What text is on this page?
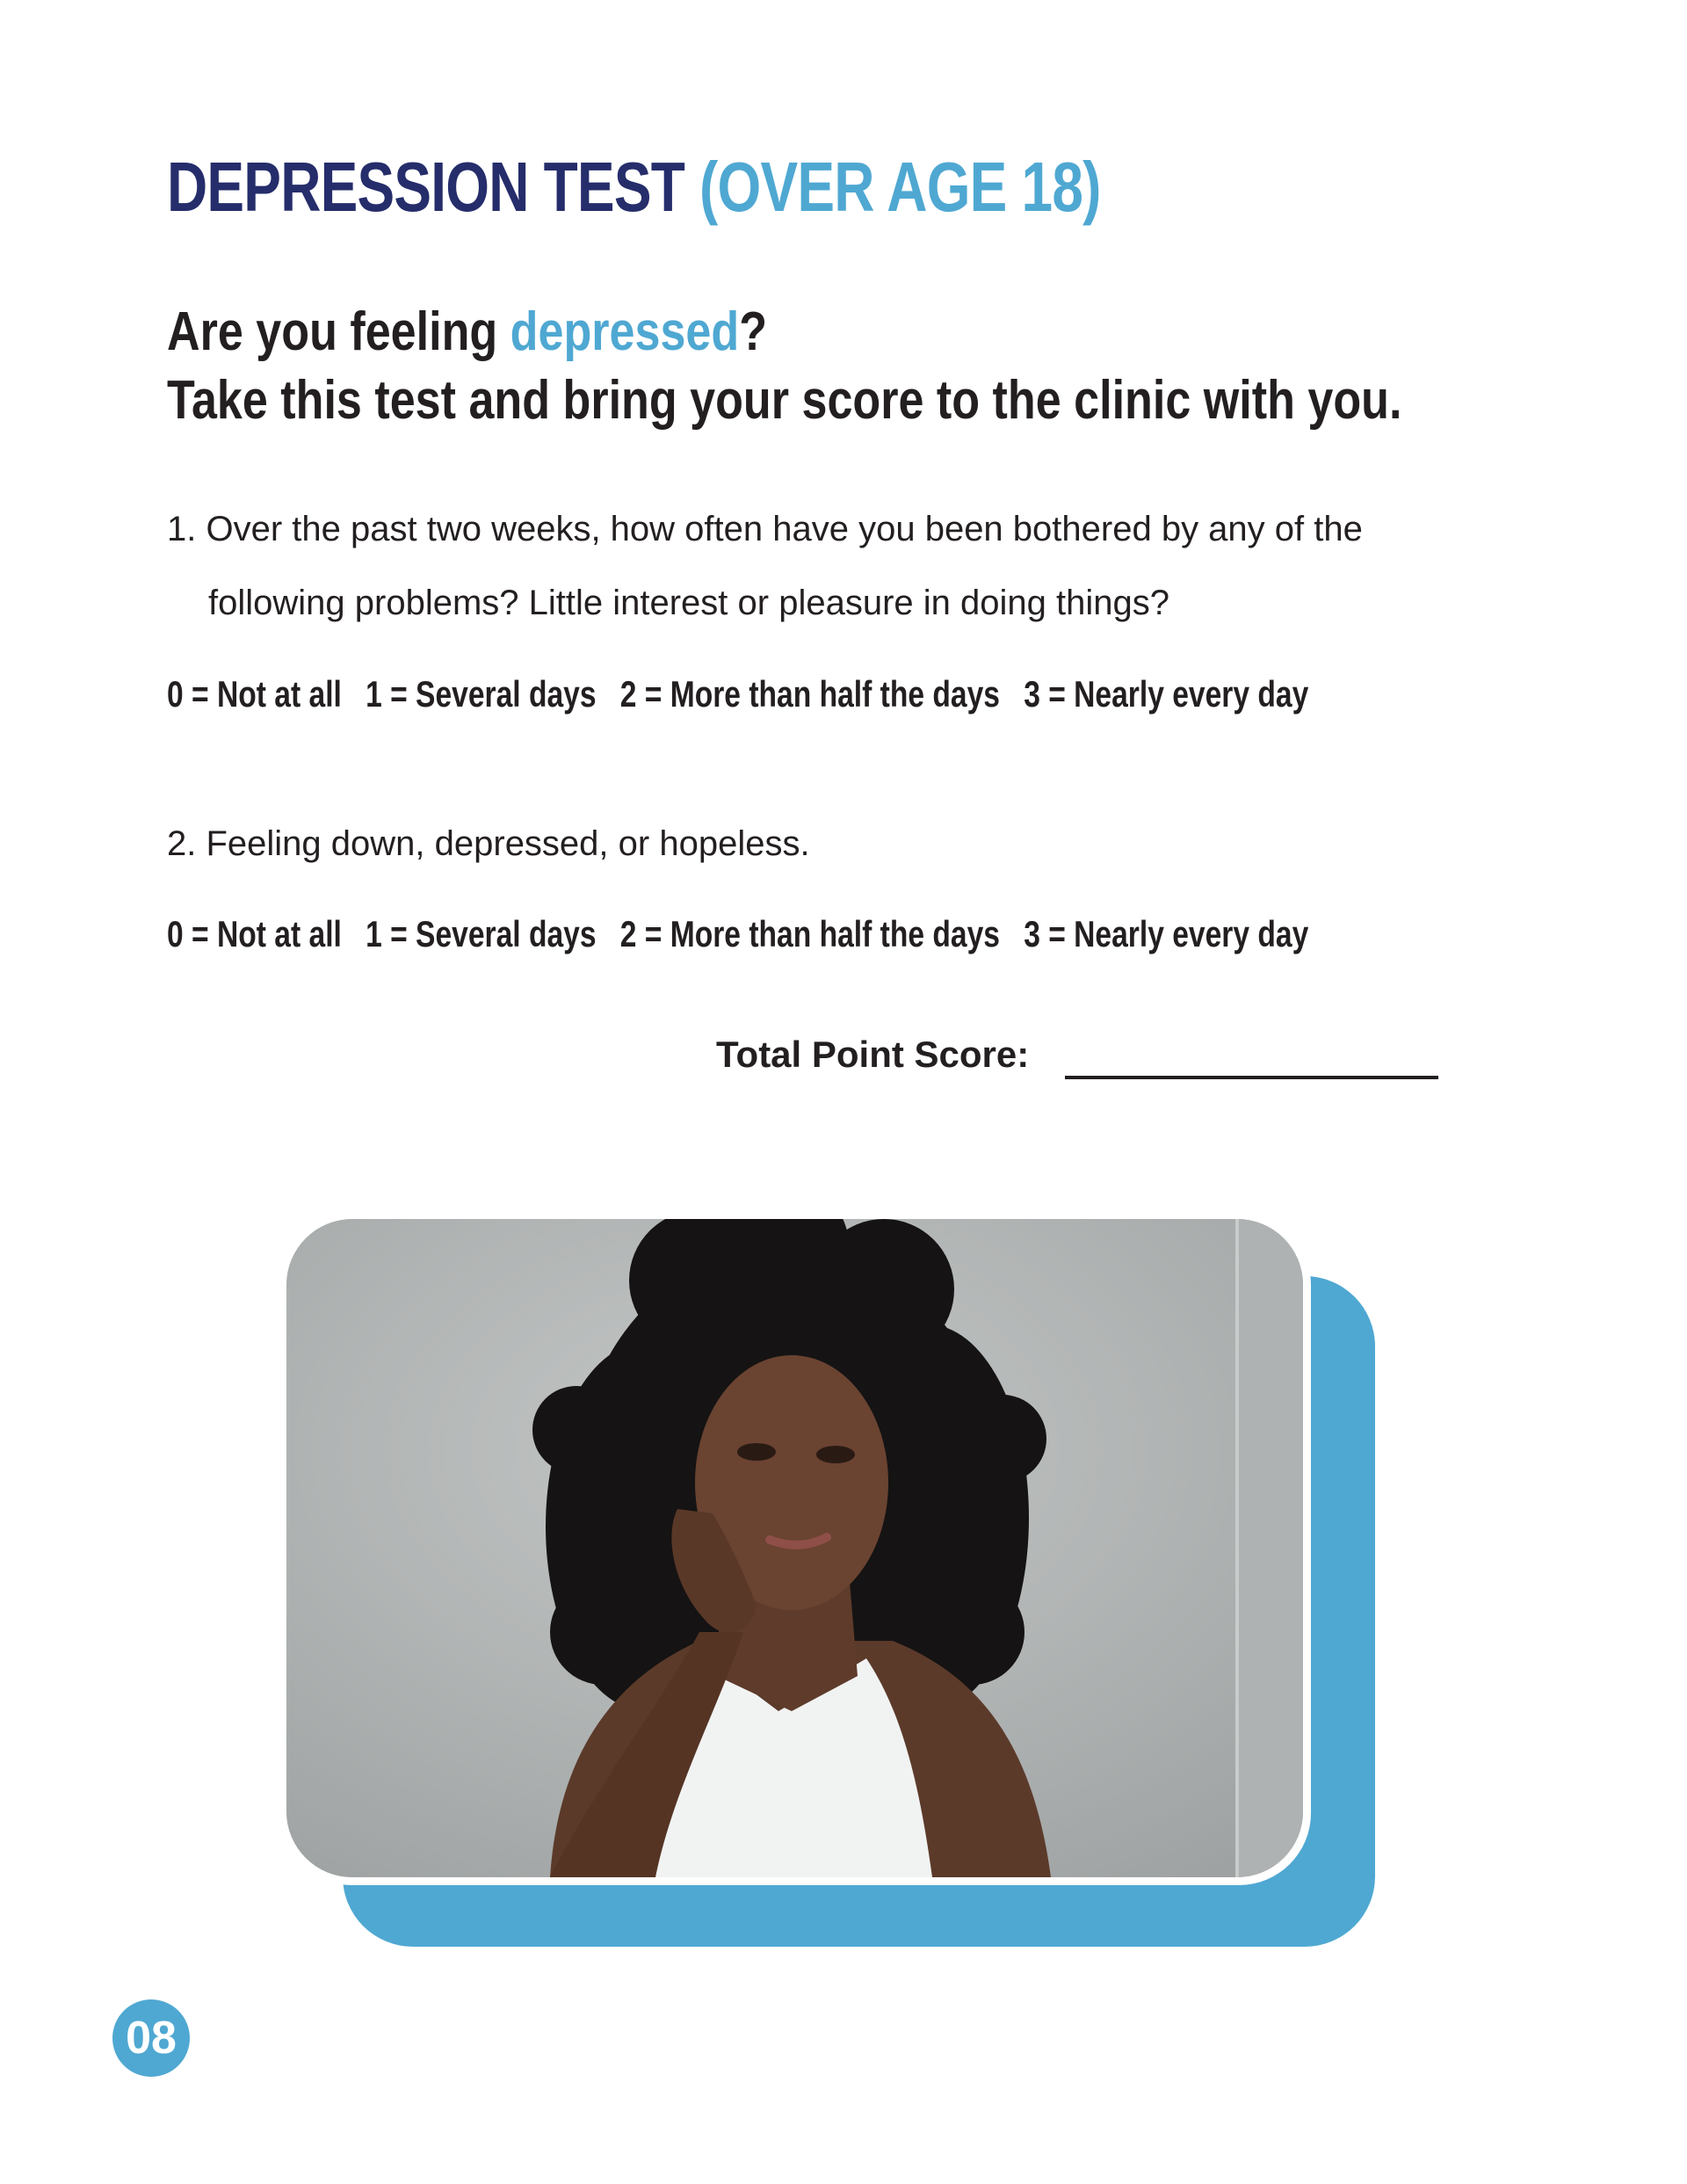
DEPRESSION TEST (OVER AGE 18)
Are you feeling depressed?
Take this test and bring your score to the clinic with you.
1. Over the past two weeks, how often have you been bothered by any of the
following problems? Little interest or pleasure in doing things?
0 = Not at all 1 = Several days 2 = More than half the days 3 = Nearly every day
2. Feeling down, depressed, or hopeless.
0 = Not at all 1 = Several days 2 = More than half the days 3 = Nearly every day
Total Point Score:
08
